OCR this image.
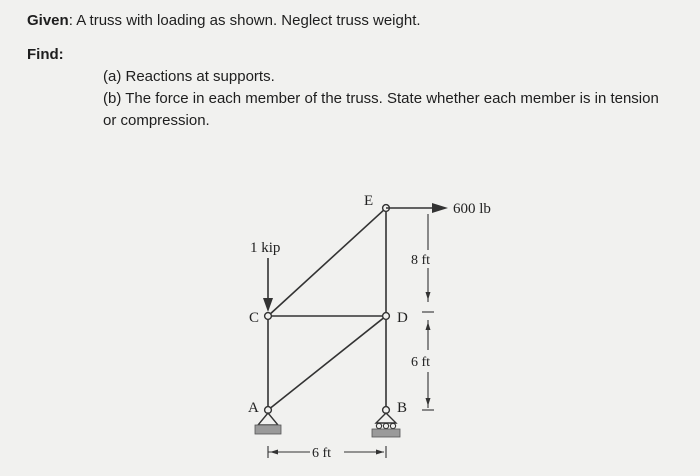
Given: A truss with loading as shown. Neglect truss weight.
Find:
(a) Reactions at supports.
(b) The force in each member of the truss. State whether each member is in tension or compression.
E
C	D
A	B
1 kip
600 lb
8 ft
6 ft
6 ft
